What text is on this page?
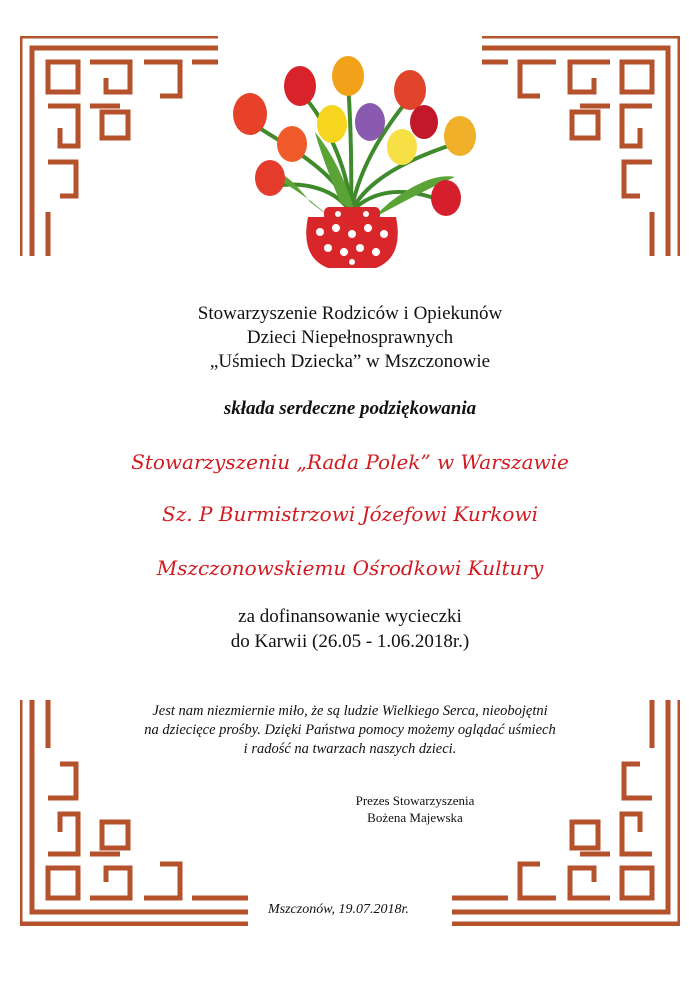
Stowarzyszenie Rodziców i Opiekunów
Dzieci Niepełnosprawnych
„Uśmiech Dziecka” w Mszczonowie
składa serdeczne podziękowania
Stowarzyszeniu „Rada Polek” w Warszawie
Sz. P Burmistrzowi Józefowi Kurkowi
Mszczonowskiemu Ośrodkowi Kultury
za dofinansowanie wycieczki
do Karwii (26.05 - 1.06.2018r.)
Jest nam niezmiernie miło, że są ludzie Wielkiego Serca, nieobojętni
na dziecięce prośby. Dzięki Państwa pomocy możemy oglądać uśmiech
i radość na twarzach naszych dzieci.
Prezes Stowarzyszenia
Bożena Majewska
Mszczonów, 19.07.2018r.
